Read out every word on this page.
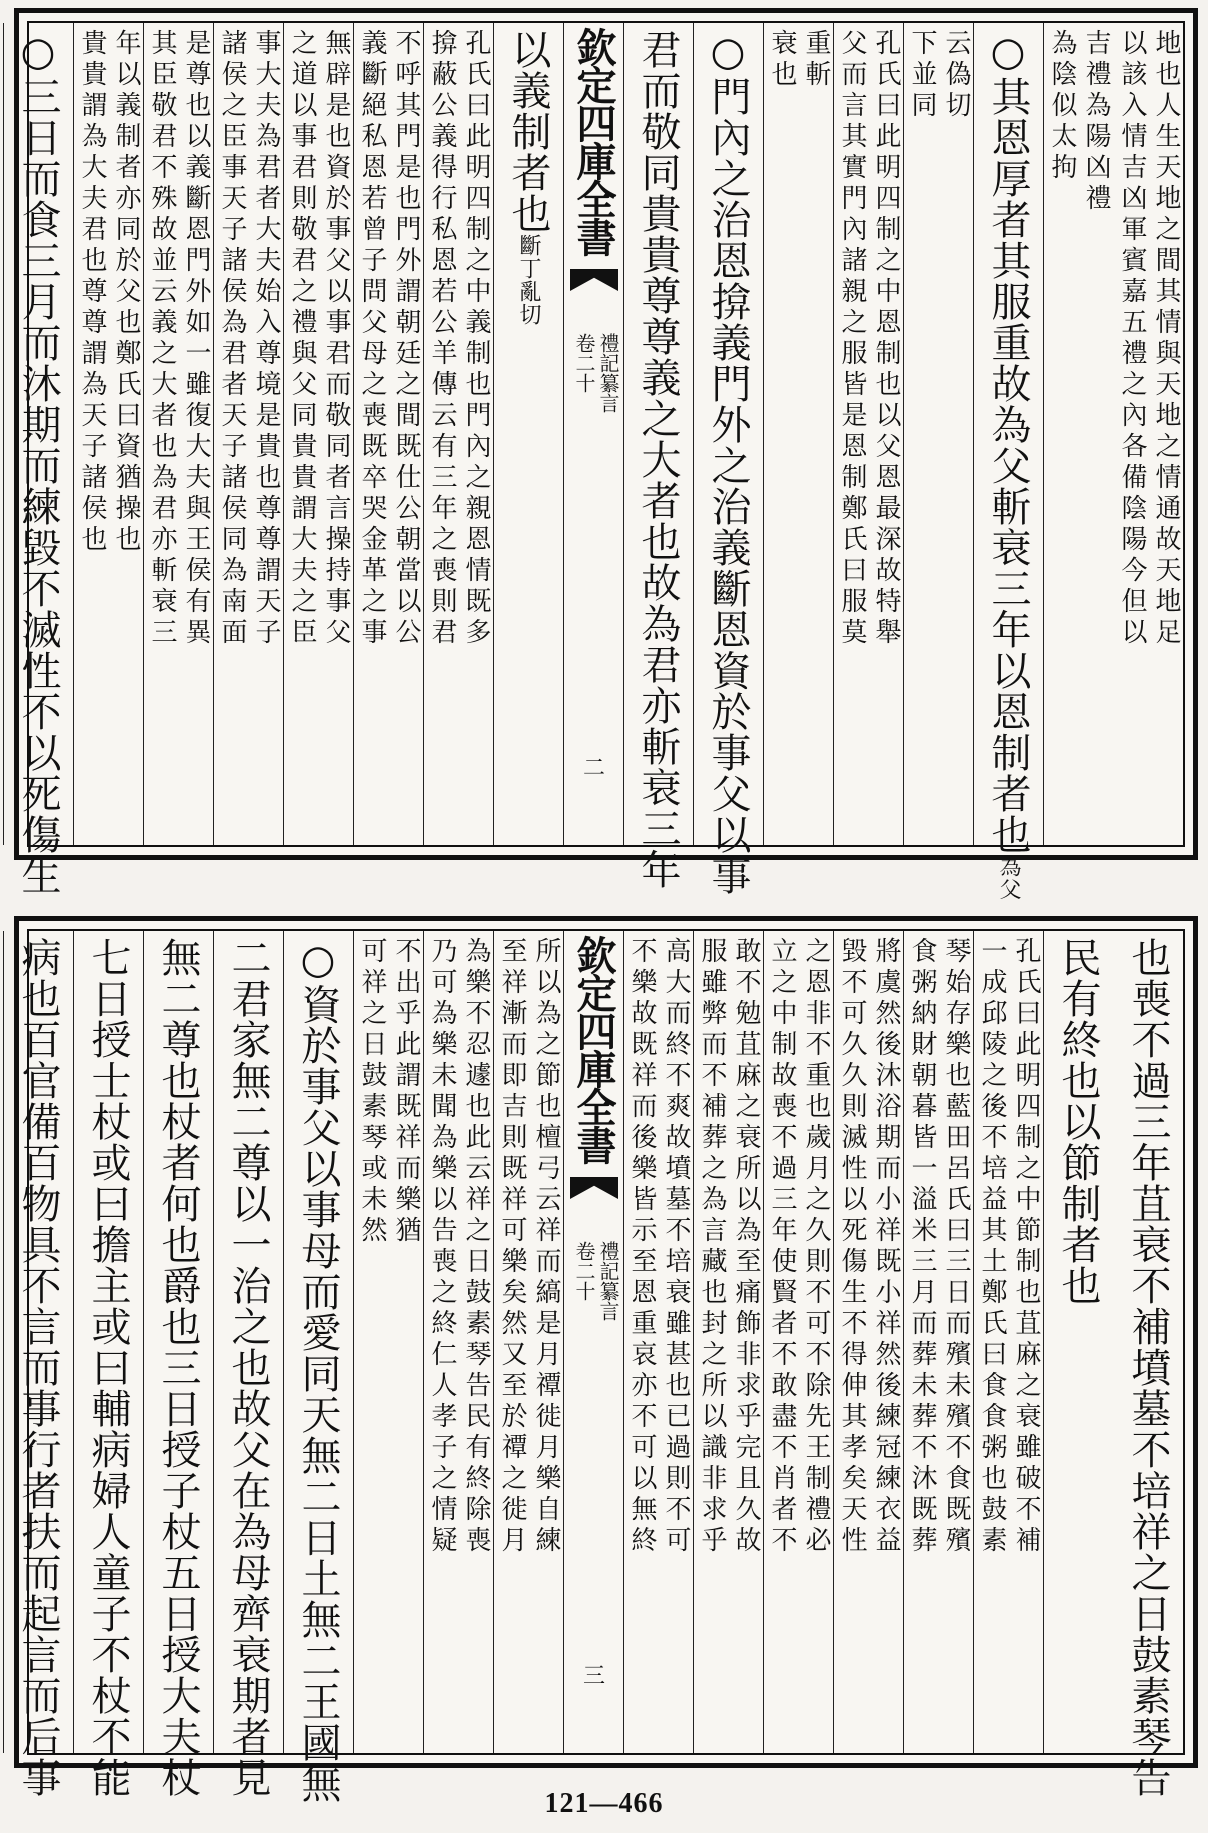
地也人生天地之間其情與天地之情通故天地足
以該入情吉凶軍賓嘉五禮之內各備陰陽今但以
吉禮為陽凶禮
為陰似太拘
○其恩厚者其服重故為父斬衰三年以恩制者也為父
云偽切
下並同
孔氏曰此明四制之中恩制也以父恩最深故特舉
父而言其實門內諸親之服皆是恩制鄭氏曰服莫
重斬
衰也
○門內之治恩揜義門外之治義斷恩資於事父以事
君而敬同貴貴尊尊義之大者也故為君亦斬衰三年
欽定四庫全書
禮記纂言
卷二十
二
以義制者也斷丁亂切
孔氏曰此明四制之中義制也門內之親恩情既多
揜蔽公義得行私恩若公羊傳云有三年之喪則君
不呼其門是也門外謂朝廷之間既仕公朝當以公
義斷絕私恩若曾子問父母之喪既卒哭金革之事
無辟是也資於事父以事君而敬同者言操持事父
之道以事君則敬君之禮與父同貴貴謂大夫之臣
事大夫為君者大夫始入尊境是貴也尊尊謂天子
諸侯之臣事天子諸侯為君者天子諸侯同為南面
是尊也以義斷恩門外如一雖復大夫與王侯有異
其臣敬君不殊故並云義之大者也為君亦斬衰三
年以義制者亦同於父也鄭氏曰資猶操也
貴貴謂為大夫君也尊尊謂為天子諸侯也
○三日而食三月而沐期而練毀不滅性不以死傷生
也喪不過三年苴衰不補墳墓不培祥之日鼓素琴告
民有終也以節制者也
孔氏曰此明四制之中節制也苴麻之衰雖破不補
一成邱陵之後不培益其土鄭氏曰食食粥也鼓素
琴始存樂也藍田呂氏曰三日而殯未殯不食既殯
食粥納財朝暮皆一溢米三月而葬未葬不沐既葬
將虞然後沐浴期而小祥既小祥然後練冠練衣益
毀不可久久則滅性以死傷生不得伸其孝矣天性
之恩非不重也歲月之久則不可不除先王制禮必
立之中制故喪不過三年使賢者不敢盡不肖者不
敢不勉苴麻之衰所以為至痛飾非求乎完且久故
服雖弊而不補葬之為言藏也封之所以識非求乎
高大而終不爽故墳墓不培衰雖甚也已過則不可
不樂故既祥而後樂皆示至恩重哀亦不可以無終
欽定四庫全書
禮記纂言
卷二十
三
所以為之節也檀弓云祥而縞是月禫徙月樂自練
至祥漸而即吉則既祥可樂矣然又至於禫之徙月
為樂不忍遽也此云祥之日鼓素琴告民有終除喪
乃可為樂未聞為樂以告喪之終仁人孝子之情疑
不出乎此謂既祥而樂猶
可祥之日鼓素琴或未然
○資於事父以事母而愛同天無二日土無二王國無
二君家無二尊以一治之也故父在為母齊衰期者見
無二尊也杖者何也爵也三日授子杖五日授大夫杖
七日授士杖或曰擔主或曰輔病婦人童子不杖不能
病也百官備百物具不言而事行者扶而起言而后事
121—466
